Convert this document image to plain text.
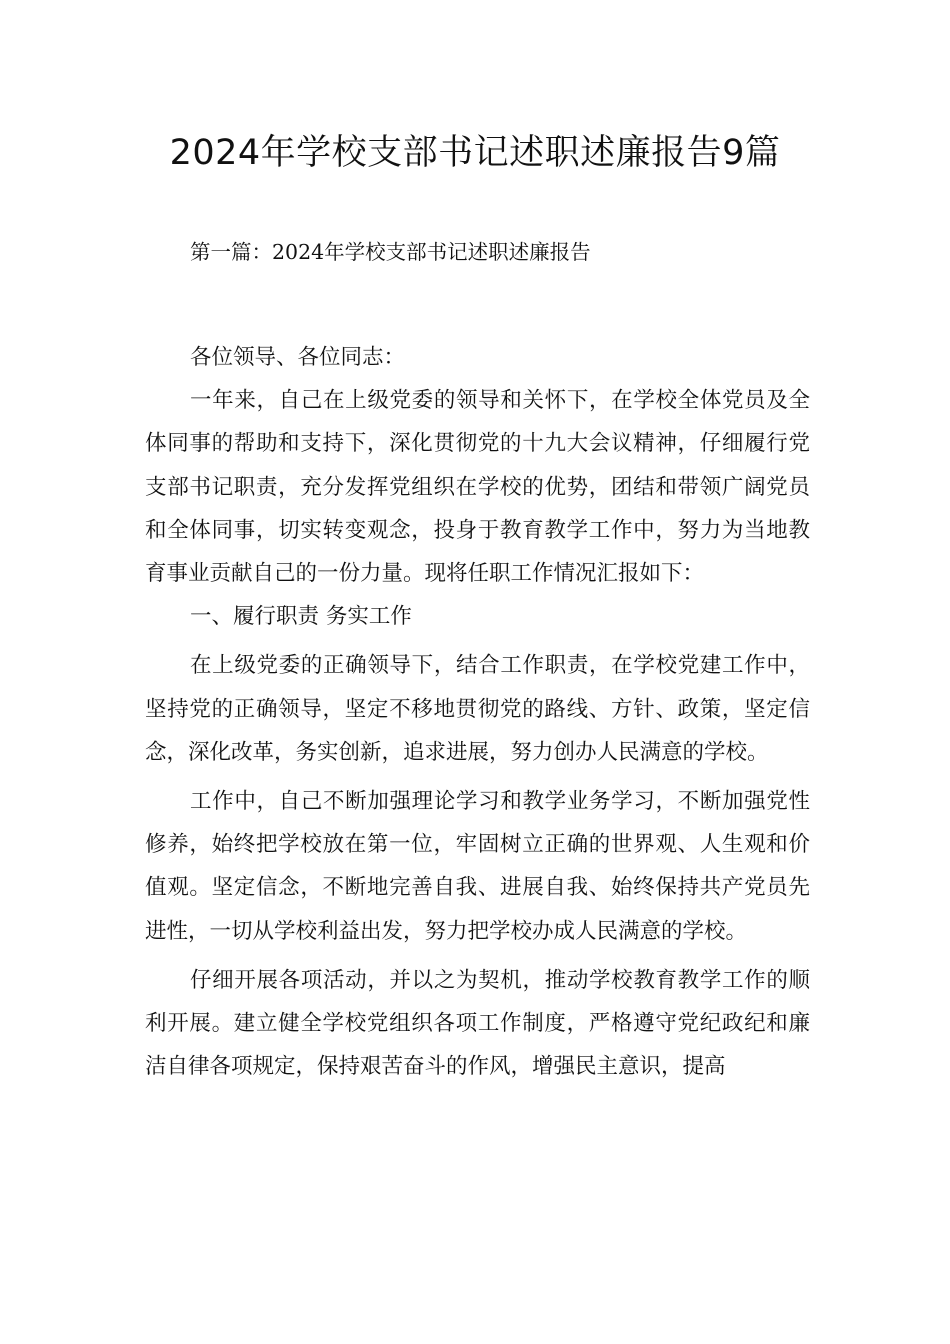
2024年学校支部书记述职述廉报告9篇

第一篇：2024年学校支部书记述职述廉报告

各位领导、各位同志：

一年来，自己在上级党委的领导和关怀下，在学校全体党员及全体同事的帮助和支持下，深化贯彻党的十九大会议精神，仔细履行党支部书记职责，充分发挥党组织在学校的优势，团结和带领广阔党员和全体同事，切实转变观念，投身于教育教学工作中，努力为当地教育事业贡献自己的一份力量。现将任职工作情况汇报如下：

一、履行职责 务实工作

在上级党委的正确领导下，结合工作职责，在学校党建工作中，坚持党的正确领导，坚定不移地贯彻党的路线、方针、政策，坚定信念，深化改革，务实创新，追求进展，努力创办人民满意的学校。

工作中，自己不断加强理论学习和教学业务学习，不断加强党性修养，始终把学校放在第一位，牢固树立正确的世界观、人生观和价值观。坚定信念，不断地完善自我、进展自我、始终保持共产党员先进性，一切从学校利益出发，努力把学校办成人民满意的学校。

仔细开展各项活动，并以之为契机，推动学校教育教学工作的顺利开展。建立健全学校党组织各项工作制度，严格遵守党纪政纪和廉洁自律各项规定，保持艰苦奋斗的作风，增强民主意识，提高
